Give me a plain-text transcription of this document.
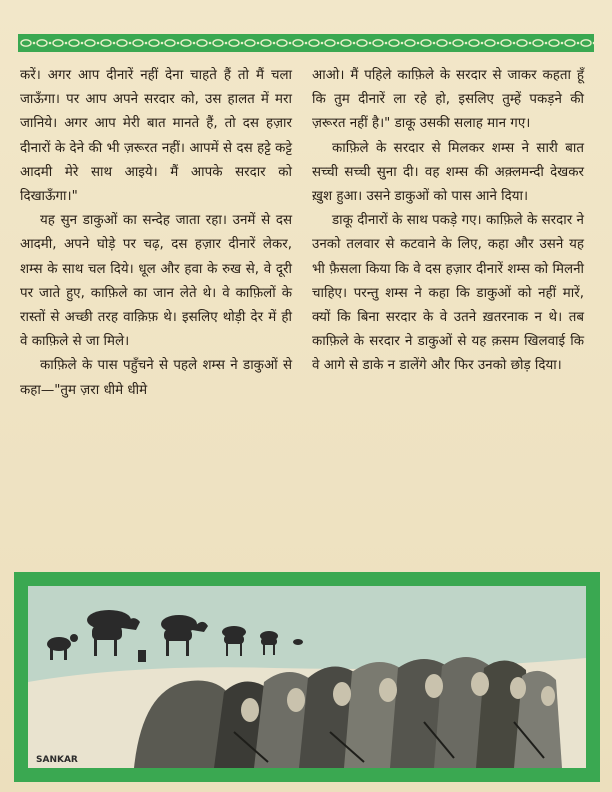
करें। अगर आप दीनारें नहीं देना चाहते हैं तो मैं चला जाऊँगा। पर आप अपने सरदार को, उस हालत में मरा जानिये। अगर आप मेरी बात मानते हैं, तो दस हज़ार दीनारों के देने की भी ज़रूरत नहीं। आपमें से दस हट्टे कट्टे आदमी मेरे साथ आइये। मैं आपके सरदार को दिखाऊँगा।"

यह सुन डाकुओं का सन्देह जाता रहा। उनमें से दस आदमी, अपने घोड़े पर चढ़, दस हज़ार दीनारें लेकर, शम्स के साथ चल दिये। धूल और हवा के रुख से, वे दूरी पर जाते हुए, काफ़िले का जान लेते थे। वे काफ़िलों के रास्तों से अच्छी तरह वाक़िफ़ थे। इसलिए थोड़ी देर में ही वे काफ़िले से जा मिले।

काफ़िले के पास पहुँचने से पहले शम्स ने डाकुओं से कहा—"तुम ज़रा धीमे धीमे

आओ। मैं पहिले काफ़िले के सरदार से जाकर कहता हूँ कि तुम दीनारें ला रहे हो, इसलिए तुम्हें पकड़ने की ज़रूरत नहीं है।" डाकू उसकी सलाह मान गए।

काफ़िले के सरदार से मिलकर शम्स ने सारी बात सच्ची सच्ची सुना दी। वह शम्स की अक़्लमन्दी देखकर ख़ुश हुआ। उसने डाकुओं को पास आने दिया।

डाकू दीनारों के साथ पकड़े गए। काफ़िले के सरदार ने उनको तलवार से कटवाने के लिए, कहा और उसने यह भी फ़ैसला किया कि वे दस हज़ार दीनारें शम्स को मिलनी चाहिए। परन्तु शम्स ने कहा कि डाकुओं को नहीं मारें, क्यों कि बिना सरदार के वे उतने ख़तरनाक न थे। तब काफ़िले के सरदार ने डाकुओं से यह क़सम खिलवाई कि वे आगे से डाके न डालेंगे और फिर उनको छोड़ दिया।

SANKAR
